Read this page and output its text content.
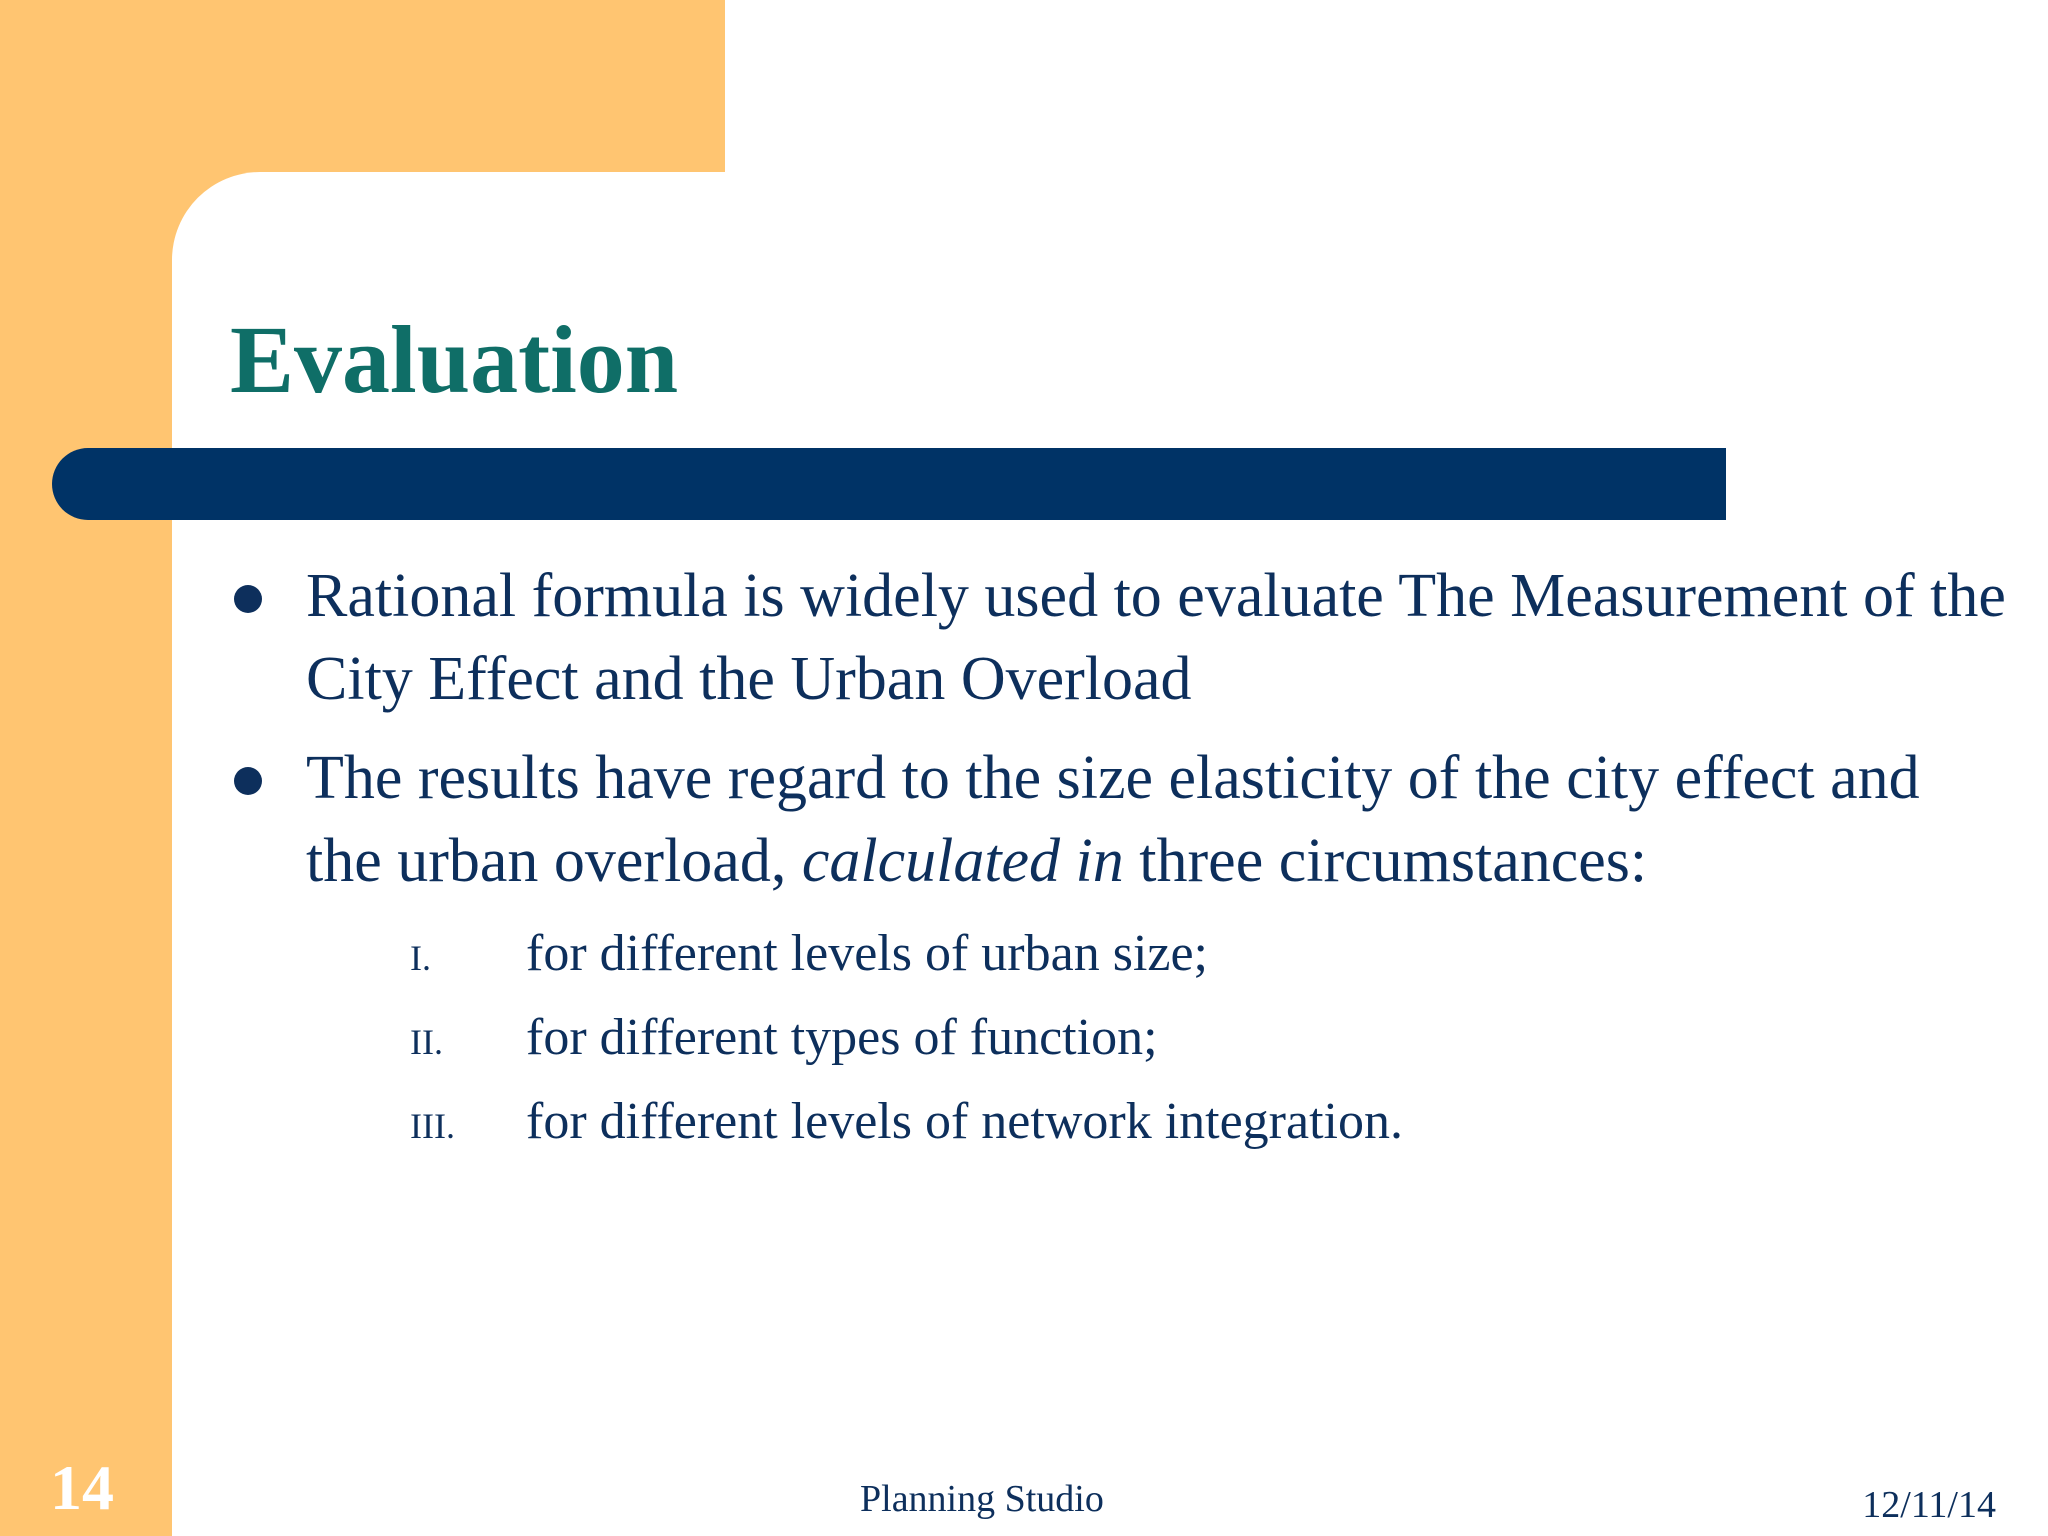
Evaluation
Rational formula is widely used to evaluate The Measurement of the City Effect and the Urban Overload
The results have regard to the size elasticity of the city effect and the urban overload, calculated in three circumstances:
I. for different levels of urban size;
II. for different types of function;
III. for different levels of network integration.
14	Planning Studio	12/11/14
